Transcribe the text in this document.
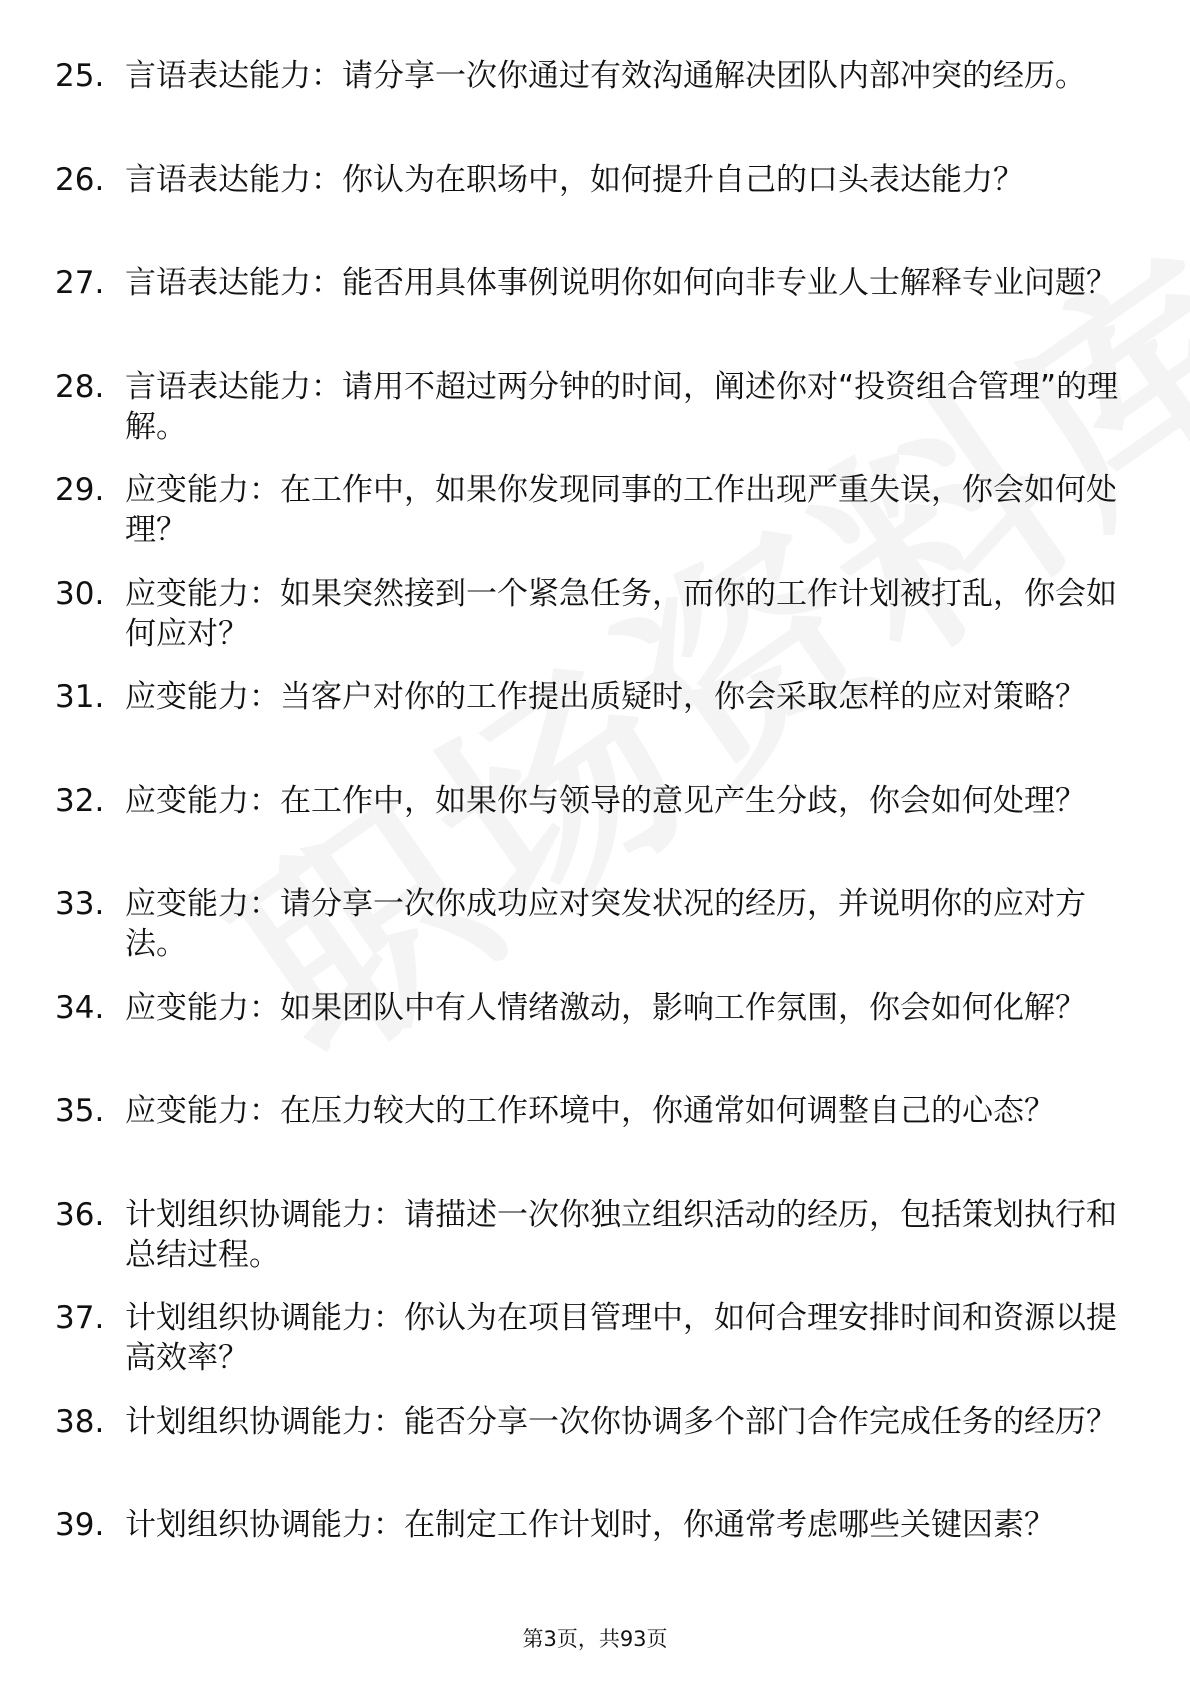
25. 言语表达能力：请分享一次你通过有效沟通解决团队内部冲突的经历。
26. 言语表达能力：你认为在职场中，如何提升自己的口头表达能力？
27. 言语表达能力：能否用具体事例说明你如何向非专业人士解释专业问题？
28. 言语表达能力：请用不超过两分钟的时间，阐述你对“投资组合管理”的理解。
29. 应变能力：在工作中，如果你发现同事的工作出现严重失误，你会如何处理？
30. 应变能力：如果突然接到一个紧急任务，而你的工作计划被打乱，你会如何应对？
31. 应变能力：当客户对你的工作提出质疑时，你会采取怎样的应对策略？
32. 应变能力：在工作中，如果你与领导的意见产生分歧，你会如何处理？
33. 应变能力：请分享一次你成功应对突发状况的经历，并说明你的应对方法。
34. 应变能力：如果团队中有人情绪激动，影响工作氛围，你会如何化解？
35. 应变能力：在压力较大的工作环境中，你通常如何调整自己的心态？
36. 计划组织协调能力：请描述一次你独立组织活动的经历，包括策划执行和总结过程。
37. 计划组织协调能力：你认为在项目管理中，如何合理安排时间和资源以提高效率？
38. 计划组织协调能力：能否分享一次你协调多个部门合作完成任务的经历？
39. 计划组织协调能力：在制定工作计划时，你通常考虑哪些关键因素？
第3页，共93页
